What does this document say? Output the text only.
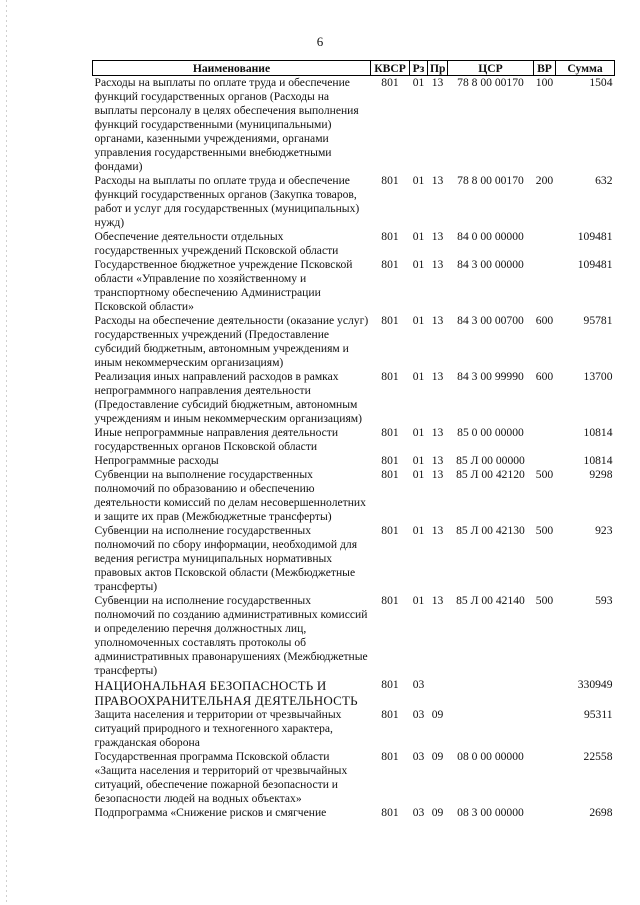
6
Наименование	КВСР	Рз	Пр	ЦСР	ВР	Сумма
Расходы на выплаты по оплате труда и обеспечение функций государственных органов (Расходы на выплаты персоналу в целях обеспечения выполнения функций государственными (муниципальными) органами, казенными учреждениями, органами управления государственными внебюджетными фондами)	801	01	13	78 8 00 00170	100	1504
Расходы на выплаты по оплате труда и обеспечение функций государственных органов (Закупка товаров, работ и услуг для государственных (муниципальных) нужд)	801	01	13	78 8 00 00170	200	632
Обеспечение деятельности отдельных государственных учреждений Псковской области	801	01	13	84 0 00 00000		109481
Государственное бюджетное учреждение Псковской области «Управление по хозяйственному и транспортному обеспечению Администрации Псковской области»	801	01	13	84 3 00 00000		109481
Расходы на обеспечение деятельности (оказание услуг) государственных учреждений (Предоставление субсидий бюджетным, автономным учреждениям и иным некоммерческим организациям)	801	01	13	84 3 00 00700	600	95781
Реализация иных направлений расходов в рамках непрограммного направления деятельности (Предоставление субсидий бюджетным, автономным учреждениям и иным некоммерческим организациям)	801	01	13	84 3 00 99990	600	13700
Иные непрограммные направления деятельности государственных органов Псковской области	801	01	13	85 0 00 00000		10814
Непрограммные расходы	801	01	13	85 Л 00 00000		10814
Субвенции на выполнение государственных полномочий по образованию и обеспечению деятельности комиссий по делам несовершеннолетних и защите их прав (Межбюджетные трансферты)	801	01	13	85 Л 00 42120	500	9298
Субвенции на исполнение государственных полномочий по сбору информации, необходимой для ведения регистра муниципальных нормативных правовых актов Псковской области (Межбюджетные трансферты)	801	01	13	85 Л 00 42130	500	923
Субвенции на исполнение государственных полномочий по созданию административных комиссий и определению перечня должностных лиц, уполномоченных составлять протоколы об административных правонарушениях (Межбюджетные трансферты)	801	01	13	85 Л 00 42140	500	593
НАЦИОНАЛЬНАЯ БЕЗОПАСНОСТЬ И ПРАВООХРАНИТЕЛЬНАЯ ДЕЯТЕЛЬНОСТЬ	801	03				330949
Защита населения и территории от чрезвычайных ситуаций природного и техногенного характера, гражданская оборона	801	03	09			95311
Государственная программа Псковской области «Защита населения и территорий от чрезвычайных ситуаций, обеспечение пожарной безопасности и безопасности людей на водных объектах»	801	03	09	08 0 00 00000		22558
Подпрограмма «Снижение рисков и смягчение	801	03	09	08 3 00 00000		2698
